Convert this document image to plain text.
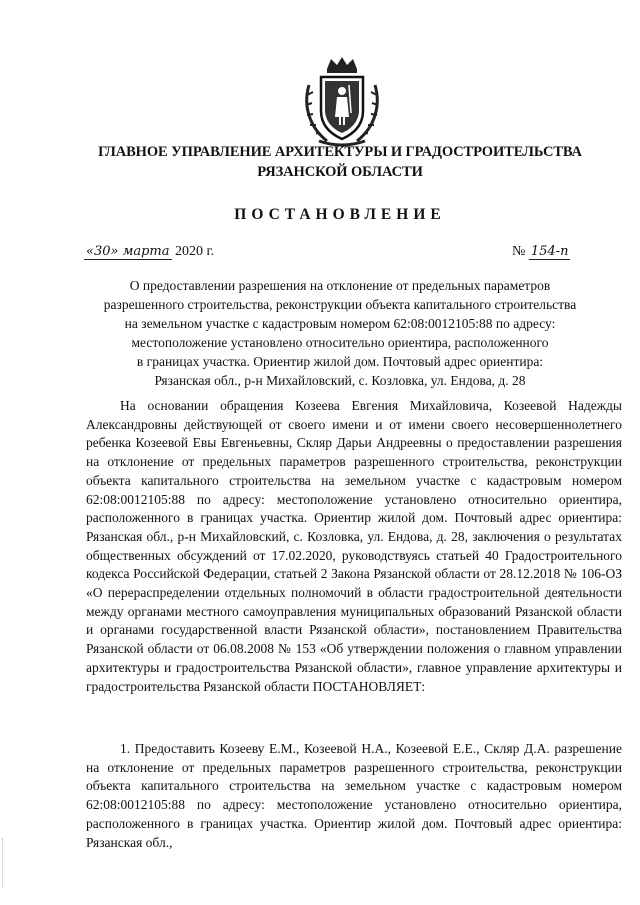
ГЛАВНОЕ УПРАВЛЕНИЕ АРХИТЕКТУРЫ И ГРАДОСТРОИТЕЛЬСТВА
РЯЗАНСКОЙ ОБЛАСТИ
ПОСТАНОВЛЕНИЕ
«30» марта 2020 г.	№ 154-п
О предоставлении разрешения на отклонение от предельных параметров
разрешенного строительства, реконструкции объекта капитального строительства
на земельном участке с кадастровым номером 62:08:0012105:88 по адресу:
местоположение установлено относительно ориентира, расположенного
в границах участка. Ориентир жилой дом. Почтовый адрес ориентира:
Рязанская обл., р-н Михайловский, с. Козловка, ул. Ендова, д. 28
На основании обращения Козеева Евгения Михайловича, Козеевой Надежды Александровны действующей от своего имени и от имени своего несовершеннолетнего ребенка Козеевой Евы Евгеньевны, Скляр Дарьи Андреевны о предоставлении разрешения на отклонение от предельных параметров разрешенного строительства, реконструкции объекта капитального строительства на земельном участке с кадастровым номером 62:08:0012105:88 по адресу: местоположение установлено относительно ориентира, расположенного в границах участка. Ориентир жилой дом. Почтовый адрес ориентира: Рязанская обл., р-н Михайловский, с. Козловка, ул. Ендова, д. 28, заключения о результатах общественных обсуждений от 17.02.2020, руководствуясь статьей 40 Градостроительного кодекса Российской Федерации, статьей 2 Закона Рязанской области от 28.12.2018 № 106-ОЗ «О перераспределении отдельных полномочий в области градостроительной деятельности между органами местного самоуправления муниципальных образований Рязанской области и органами государственной власти Рязанской области», постановлением Правительства Рязанской области от 06.08.2008 № 153 «Об утверждении положения о главном управлении архитектуры и градостроительства Рязанской области», главное управление архитектуры и градостроительства Рязанской области ПОСТАНОВЛЯЕТ:
1. Предоставить Козееву Е.М., Козеевой Н.А., Козеевой Е.Е., Скляр Д.А. разрешение на отклонение от предельных параметров разрешенного строительства, реконструкции объекта капитального строительства на земельном участке с кадастровым номером 62:08:0012105:88 по адресу: местоположение установлено относительно ориентира, расположенного в границах участка. Ориентир жилой дом. Почтовый адрес ориентира: Рязанская обл.,
